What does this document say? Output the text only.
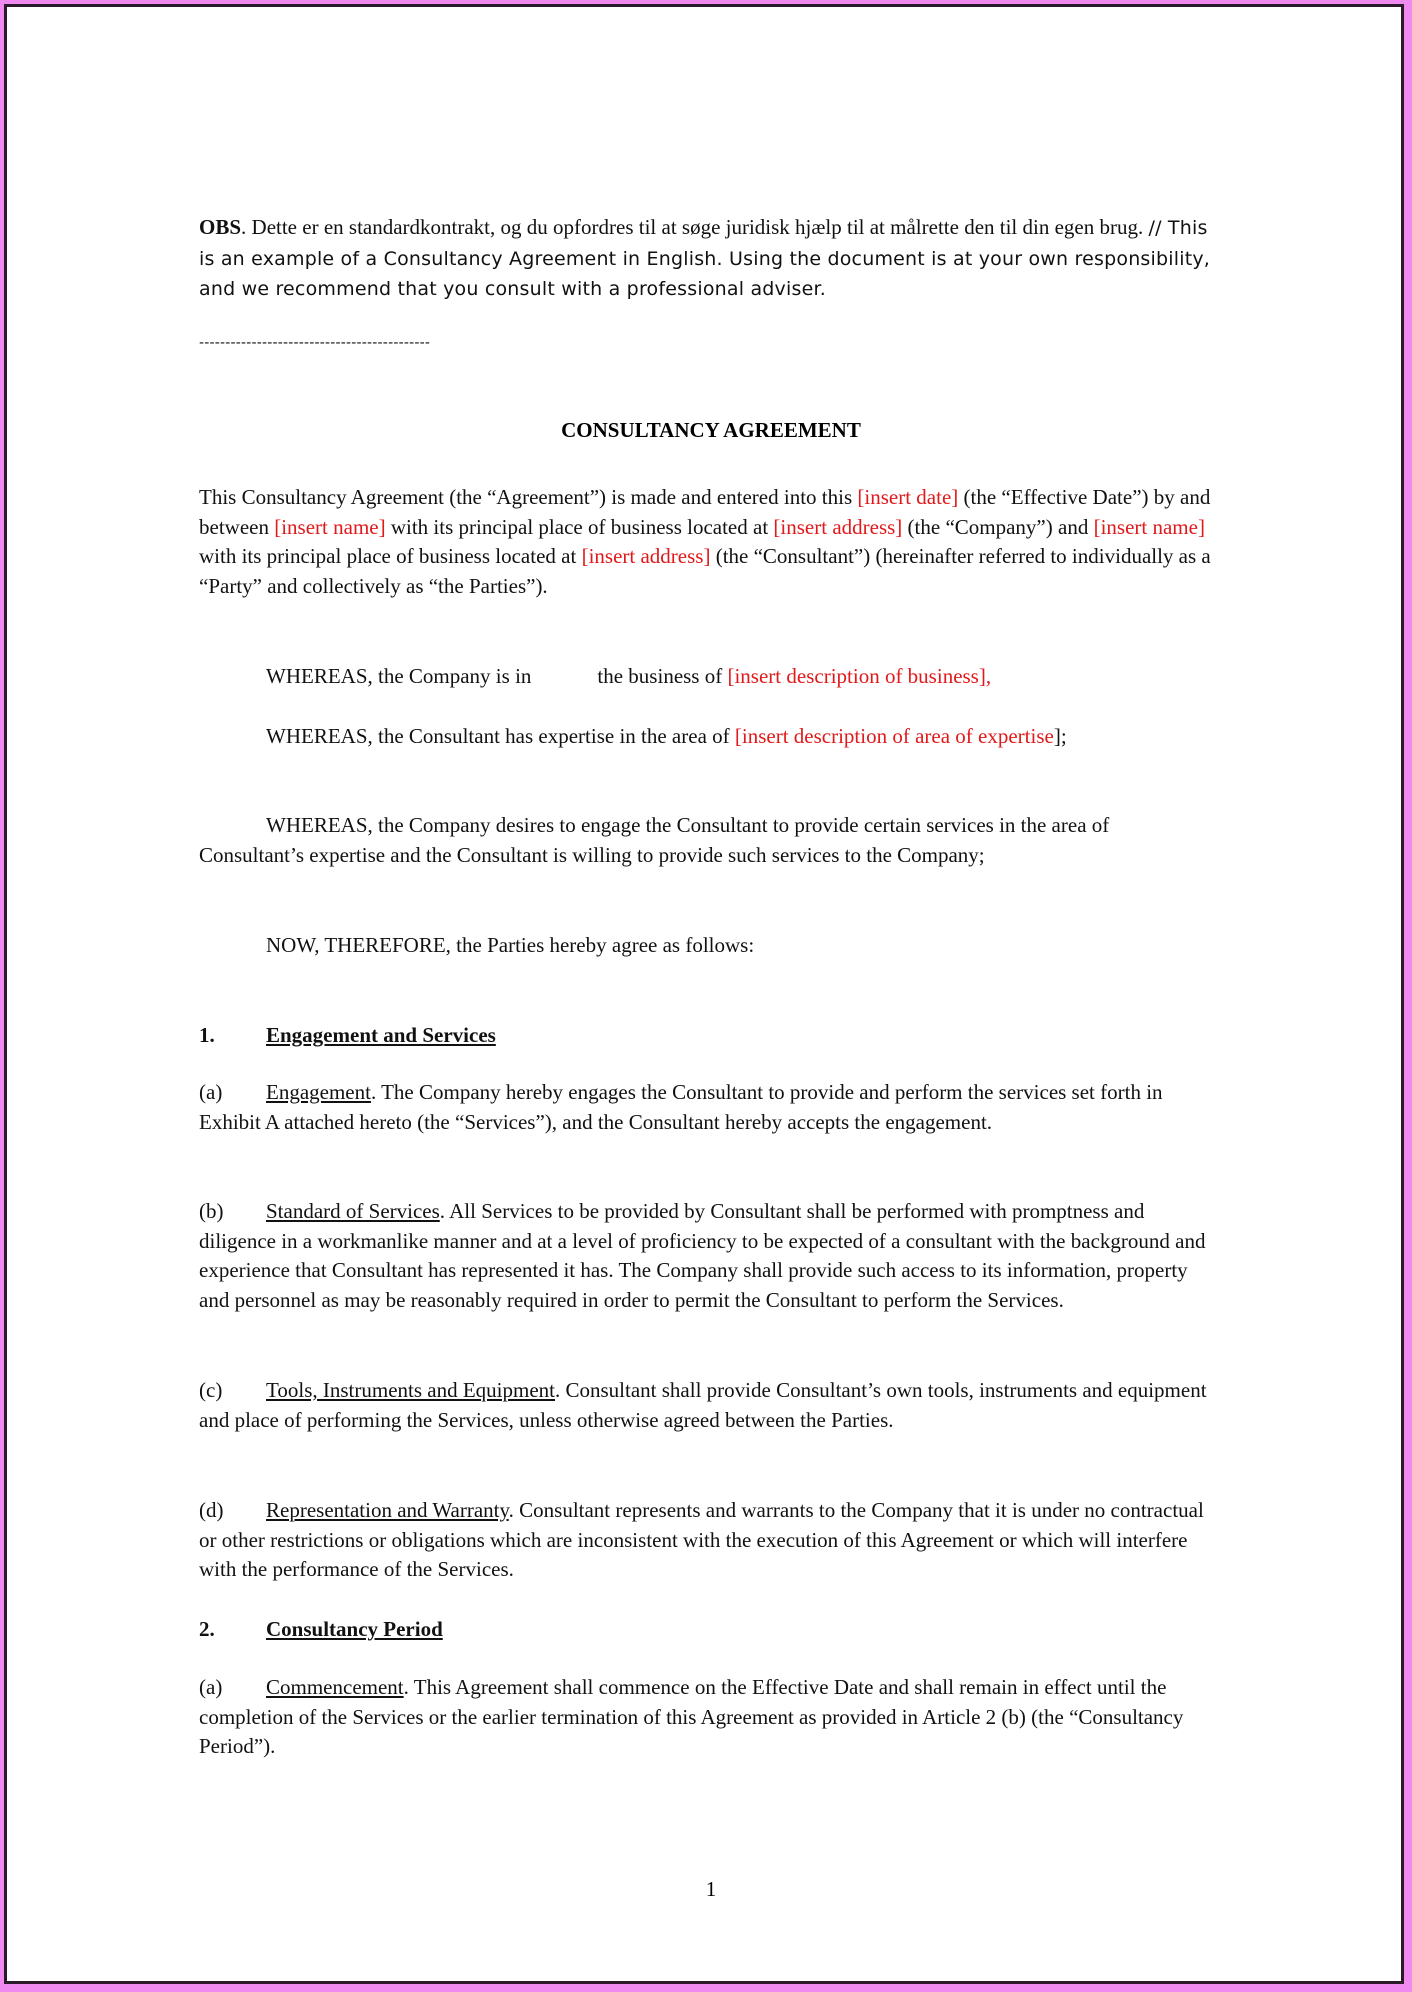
OBS. Dette er en standardkontrakt, og du opfordres til at søge juridisk hjælp til at målrette den til din egen brug. // This is an example of a Consultancy Agreement in English. Using the document is at your own responsibility, and we recommend that you consult with a professional adviser.
--------------------------------------------
CONSULTANCY AGREEMENT
This Consultancy Agreement (the “Agreement”) is made and entered into this [insert date] (the “Effective Date”) by and between [insert name] with its principal place of business located at [insert address] (the “Company”) and [insert name] with its principal place of business located at [insert address] (the “Consultant”) (hereinafter referred to individually as a “Party” and collectively as “the Parties”).
WHEREAS, the Company is in	the business of [insert description of business],
WHEREAS, the Consultant has expertise in the area of [insert description of area of expertise];
WHEREAS, the Company desires to engage the Consultant to provide certain services in the area of Consultant’s expertise and the Consultant is willing to provide such services to the Company;
NOW, THEREFORE, the Parties hereby agree as follows:
1. Engagement and Services
(a) Engagement. The Company hereby engages the Consultant to provide and perform the services set forth in Exhibit A attached hereto (the “Services”), and the Consultant hereby accepts the engagement.
(b) Standard of Services. All Services to be provided by Consultant shall be performed with promptness and diligence in a workmanlike manner and at a level of proficiency to be expected of a consultant with the background and experience that Consultant has represented it has. The Company shall provide such access to its information, property and personnel as may be reasonably required in order to permit the Consultant to perform the Services.
(c) Tools, Instruments and Equipment. Consultant shall provide Consultant’s own tools, instruments and equipment and place of performing the Services, unless otherwise agreed between the Parties.
(d) Representation and Warranty. Consultant represents and warrants to the Company that it is under no contractual or other restrictions or obligations which are inconsistent with the execution of this Agreement or which will interfere with the performance of the Services.
2. Consultancy Period
(a) Commencement. This Agreement shall commence on the Effective Date and shall remain in effect until the completion of the Services or the earlier termination of this Agreement as provided in Article 2 (b) (the “Consultancy Period”).
1
